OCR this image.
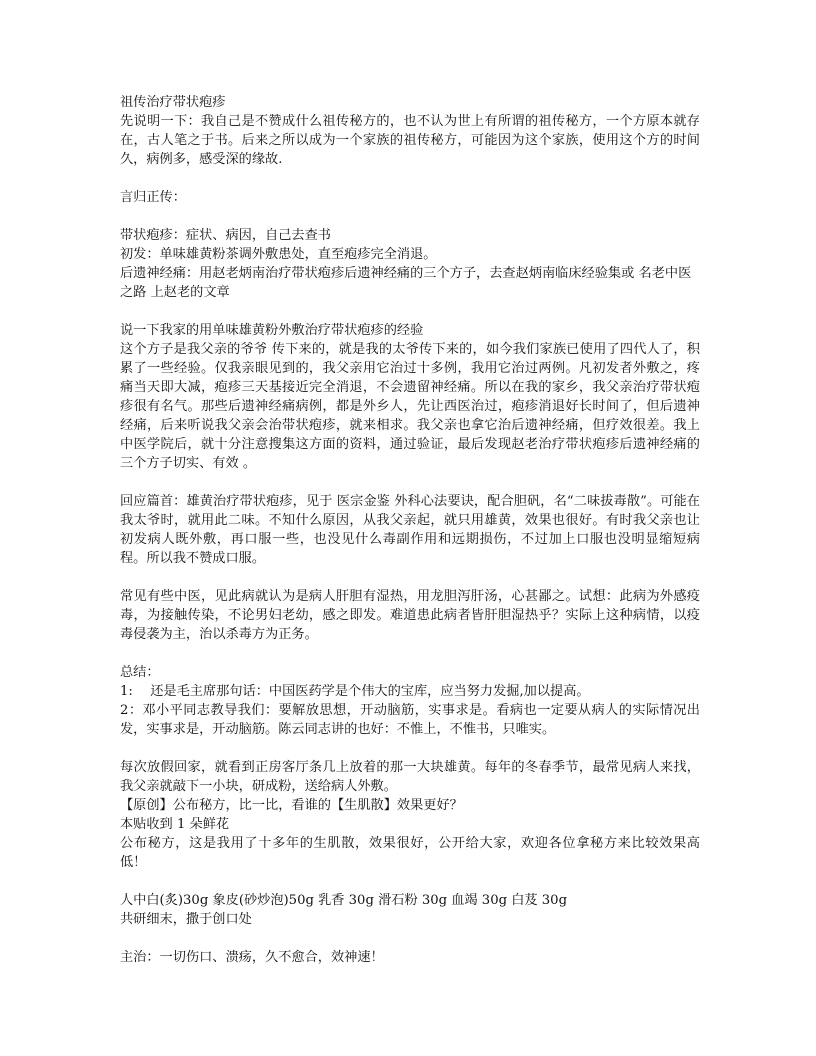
祖传治疗带状疱疹

先说明一下：我自己是不赞成什么祖传秘方的，也不认为世上有所谓的祖传秘方，一个方原本就存在，古人笔之于书。后来之所以成为一个家族的祖传秘方，可能因为这个家族，使用这个方的时间久，病例多，感受深的缘故.

言归正传：

带状疱疹：症状、病因，自己去查书

初发：单味雄黄粉茶调外敷患处，直至疱疹完全消退。

后遗神经痛：用赵老炳南治疗带状疱疹后遗神经痛的三个方子，去查赵炳南临床经验集或 名老中医之路 上赵老的文章

说一下我家的用单味雄黄粉外敷治疗带状疱疹的经验

这个方子是我父亲的爷爷 传下来的，就是我的太爷传下来的，如今我们家族已使用了四代人了，积累了一些经验。仅我亲眼见到的，我父亲用它治过十多例，我用它治过两例。凡初发者外敷之，疼痛当天即大减，疱疹三天基接近完全消退，不会遗留神经痛。所以在我的家乡，我父亲治疗带状疱疹很有名气。那些后遗神经痛病例，都是外乡人，先让西医治过，疱疹消退好长时间了，但后遗神经痛，后来听说我父亲会治带状疱疹，就来相求。我父亲也拿它治后遗神经痛，但疗效很差。我上中医学院后，就十分注意搜集这方面的资料，通过验证，最后发现赵老治疗带状疱疹后遗神经痛的三个方子切实、有效 。

回应篇首：雄黄治疗带状疱疹，见于 医宗金鉴 外科心法要诀，配合胆矾，名“二味拔毒散”。可能在我太爷时，就用此二味。不知什么原因，从我父亲起，就只用雄黄，效果也很好。有时我父亲也让初发病人既外敷，再口服一些，也没见什么毒副作用和远期损伤，不过加上口服也没明显缩短病程。所以我不赞成口服。

常见有些中医，见此病就认为是病人肝胆有湿热，用龙胆泻肝汤，心甚鄙之。试想：此病为外感疫毒，为接触传染，不论男妇老幼，感之即发。难道患此病者皆肝胆湿热乎？实际上这种病情，以疫毒侵袭为主，治以杀毒方为正务。

总结：

1:　 还是毛主席那句话：中国医药学是个伟大的宝库，应当努力发掘,加以提高。

2：邓小平同志教导我们：要解放思想，开动脑筋，实事求是。看病也一定要从病人的实际情况出发，实事求是，开动脑筋。陈云同志讲的也好：不惟上，不惟书，只唯实。

每次放假回家，就看到正房客厅条几上放着的那一大块雄黄。每年的冬春季节，最常见病人来找，我父亲就敲下一小块，研成粉，送给病人外敷。

【原创】公布秘方，比一比，看谁的【生肌散】效果更好？

本贴收到 1 朵鲜花

公布秘方，这是我用了十多年的生肌散，效果很好，公开给大家，欢迎各位拿秘方来比较效果高低！

人中白(炙)30g 象皮(砂炒泡)50g 乳香 30g 滑石粉 30g 血竭 30g 白芨 30g

共研细末，撒于创口处

主治：一切伤口、溃疡，久不愈合，效神速！
